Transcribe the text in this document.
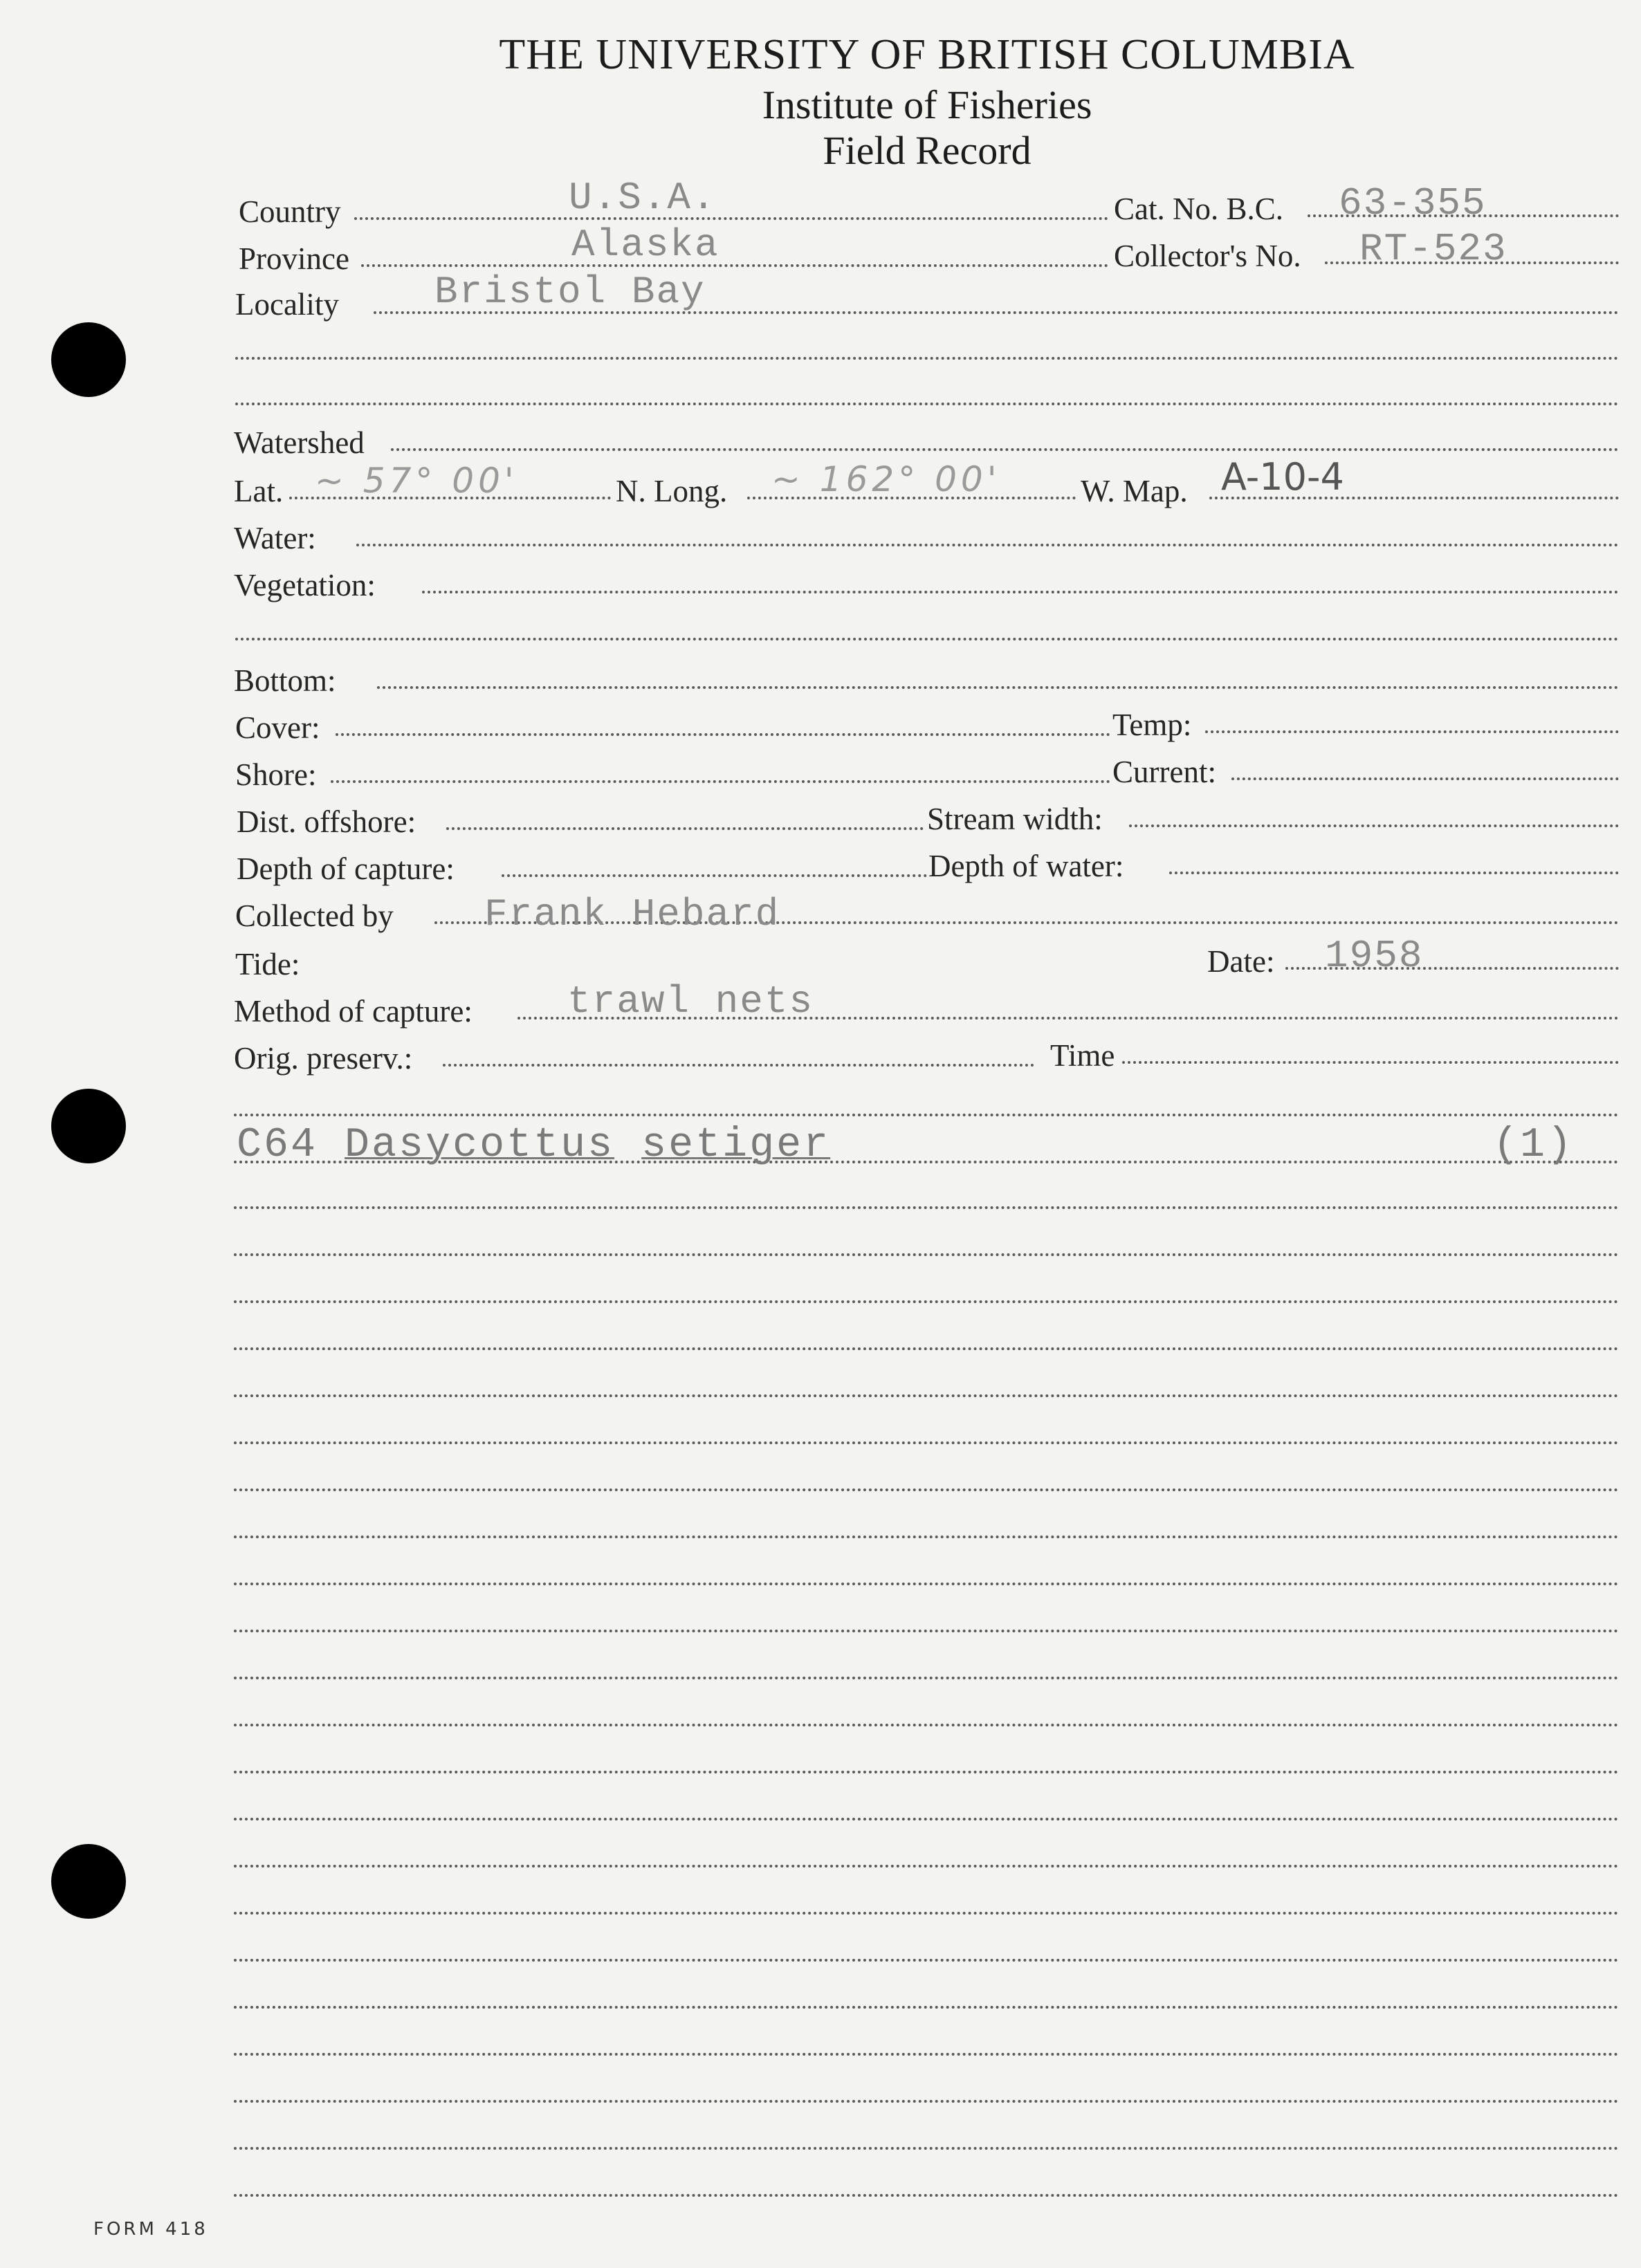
THE UNIVERSITY OF BRITISH COLUMBIA
Institute of Fisheries
Field Record
Country	U.S.A.	Cat. No. B.C. 63-355
Province	Alaska	Collector's No. RT-523
Locality Bristol Bay
Watershed
Lat. ~ 57° 00'	N. Long. ~ 162° 00'	W. Map. A-10-4
Water:
Vegetation:
Bottom:
Cover:	Temp:
Shore:	Current:
Dist. offshore:	Stream width:
Depth of capture:	Depth of water:
Collected by Frank Hebard
Tide:	Date: 1958
Method of capture: trawl nets
Orig. preserv.:	Time
C64 Dasycottus setiger	(1)
FORM 418
